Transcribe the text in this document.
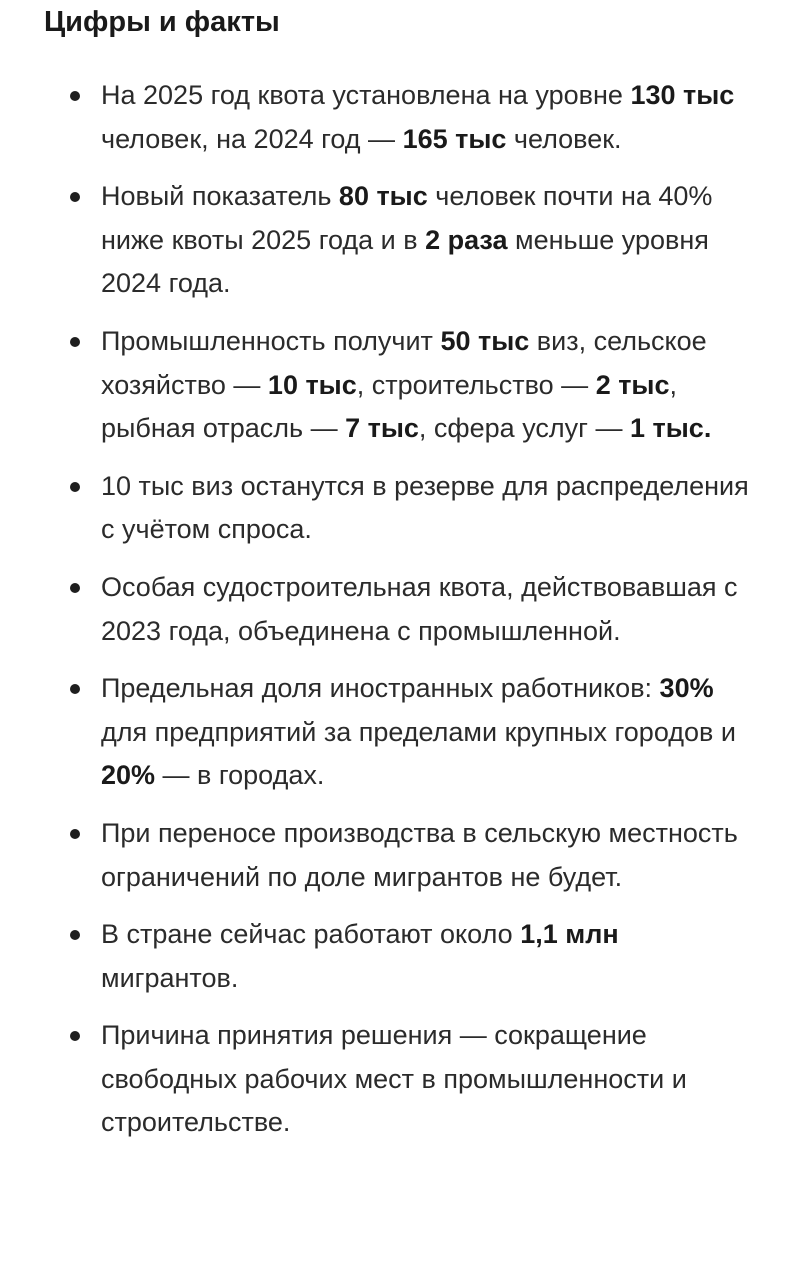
Цифры и факты
На 2025 год квота установлена на уровне 130 тыс человек, на 2024 год — 165 тыс человек.
Новый показатель 80 тыс человек почти на 40% ниже квоты 2025 года и в 2 раза меньше уровня 2024 года.
Промышленность получит 50 тыс виз, сельское хозяйство — 10 тыс, строительство — 2 тыс, рыбная отрасль — 7 тыс, сфера услуг — 1 тыс.
10 тыс виз останутся в резерве для распределения с учётом спроса.
Особая судостроительная квота, действовавшая с 2023 года, объединена с промышленной.
Предельная доля иностранных работников: 30% для предприятий за пределами крупных городов и 20% — в городах.
При переносе производства в сельскую местность ограничений по доле мигрантов не будет.
В стране сейчас работают около 1,1 млн мигрантов.
Причина принятия решения — сокращение свободных рабочих мест в промышленности и строительстве.
